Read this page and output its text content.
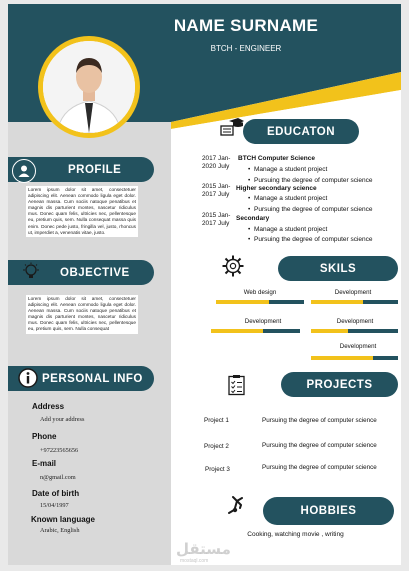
NAME SURNAME
BTCH - ENGINEER
PROFILE
Lorem ipsum dolor sit amet, consectetuer adipiscing elit. Aenean commodo ligula eget dolor. Aenean massa. Cum sociis natoque penatibus et magnis dis parturient montes, nascetur ridiculus mus. Donec quam felis, ultricies nec, pellentesque eu, pretium quis, sem. Nulla consequat massa quis enim. Donec pede justo, fringilla vel, justo, rhoncus ut, imperdiet a, venenatis vitae, justo.
OBJECTIVE
Lorem ipsum dolor sit amet, consectetuer adipiscing elit. Aenean commodo ligula eget dolor. Aenean massa. Cum sociis natoque penatibus et magnis dis parturient montes, nascetur ridiculus mus. Donec quam felis, ultricies nec, pellentesque eu, pretium quis, sem. Nulla consequat
PERSONAL INFO
Address
Add your address
Phone
+97223565656
E-mail
n@gmail.com
Date of birth
15/04/1997
Known language
Arabic, English
EDUCATON
2017 Jan-
2020 July
BTCH Computer Science
• Manage a student project
• Pursuing the degree of computer science
2015 Jan-
2017 July
Higher secondary science
• Manage a student project
• Pursuing the degree of computer science
2015 Jan-
2017 July
Secondary
• Manage a student project
• Pursuing the degree of computer science
SKILS
Web design	Development
Development	Development
Development
PROJECTS
Project 1	Pursuing the degree of computer science
Project 2	Pursuing the degree of computer science
Project 3	Pursuing the degree of computer science
HOBBIES
Cooking, watching movie , writing
مستقل
mostaql.com
